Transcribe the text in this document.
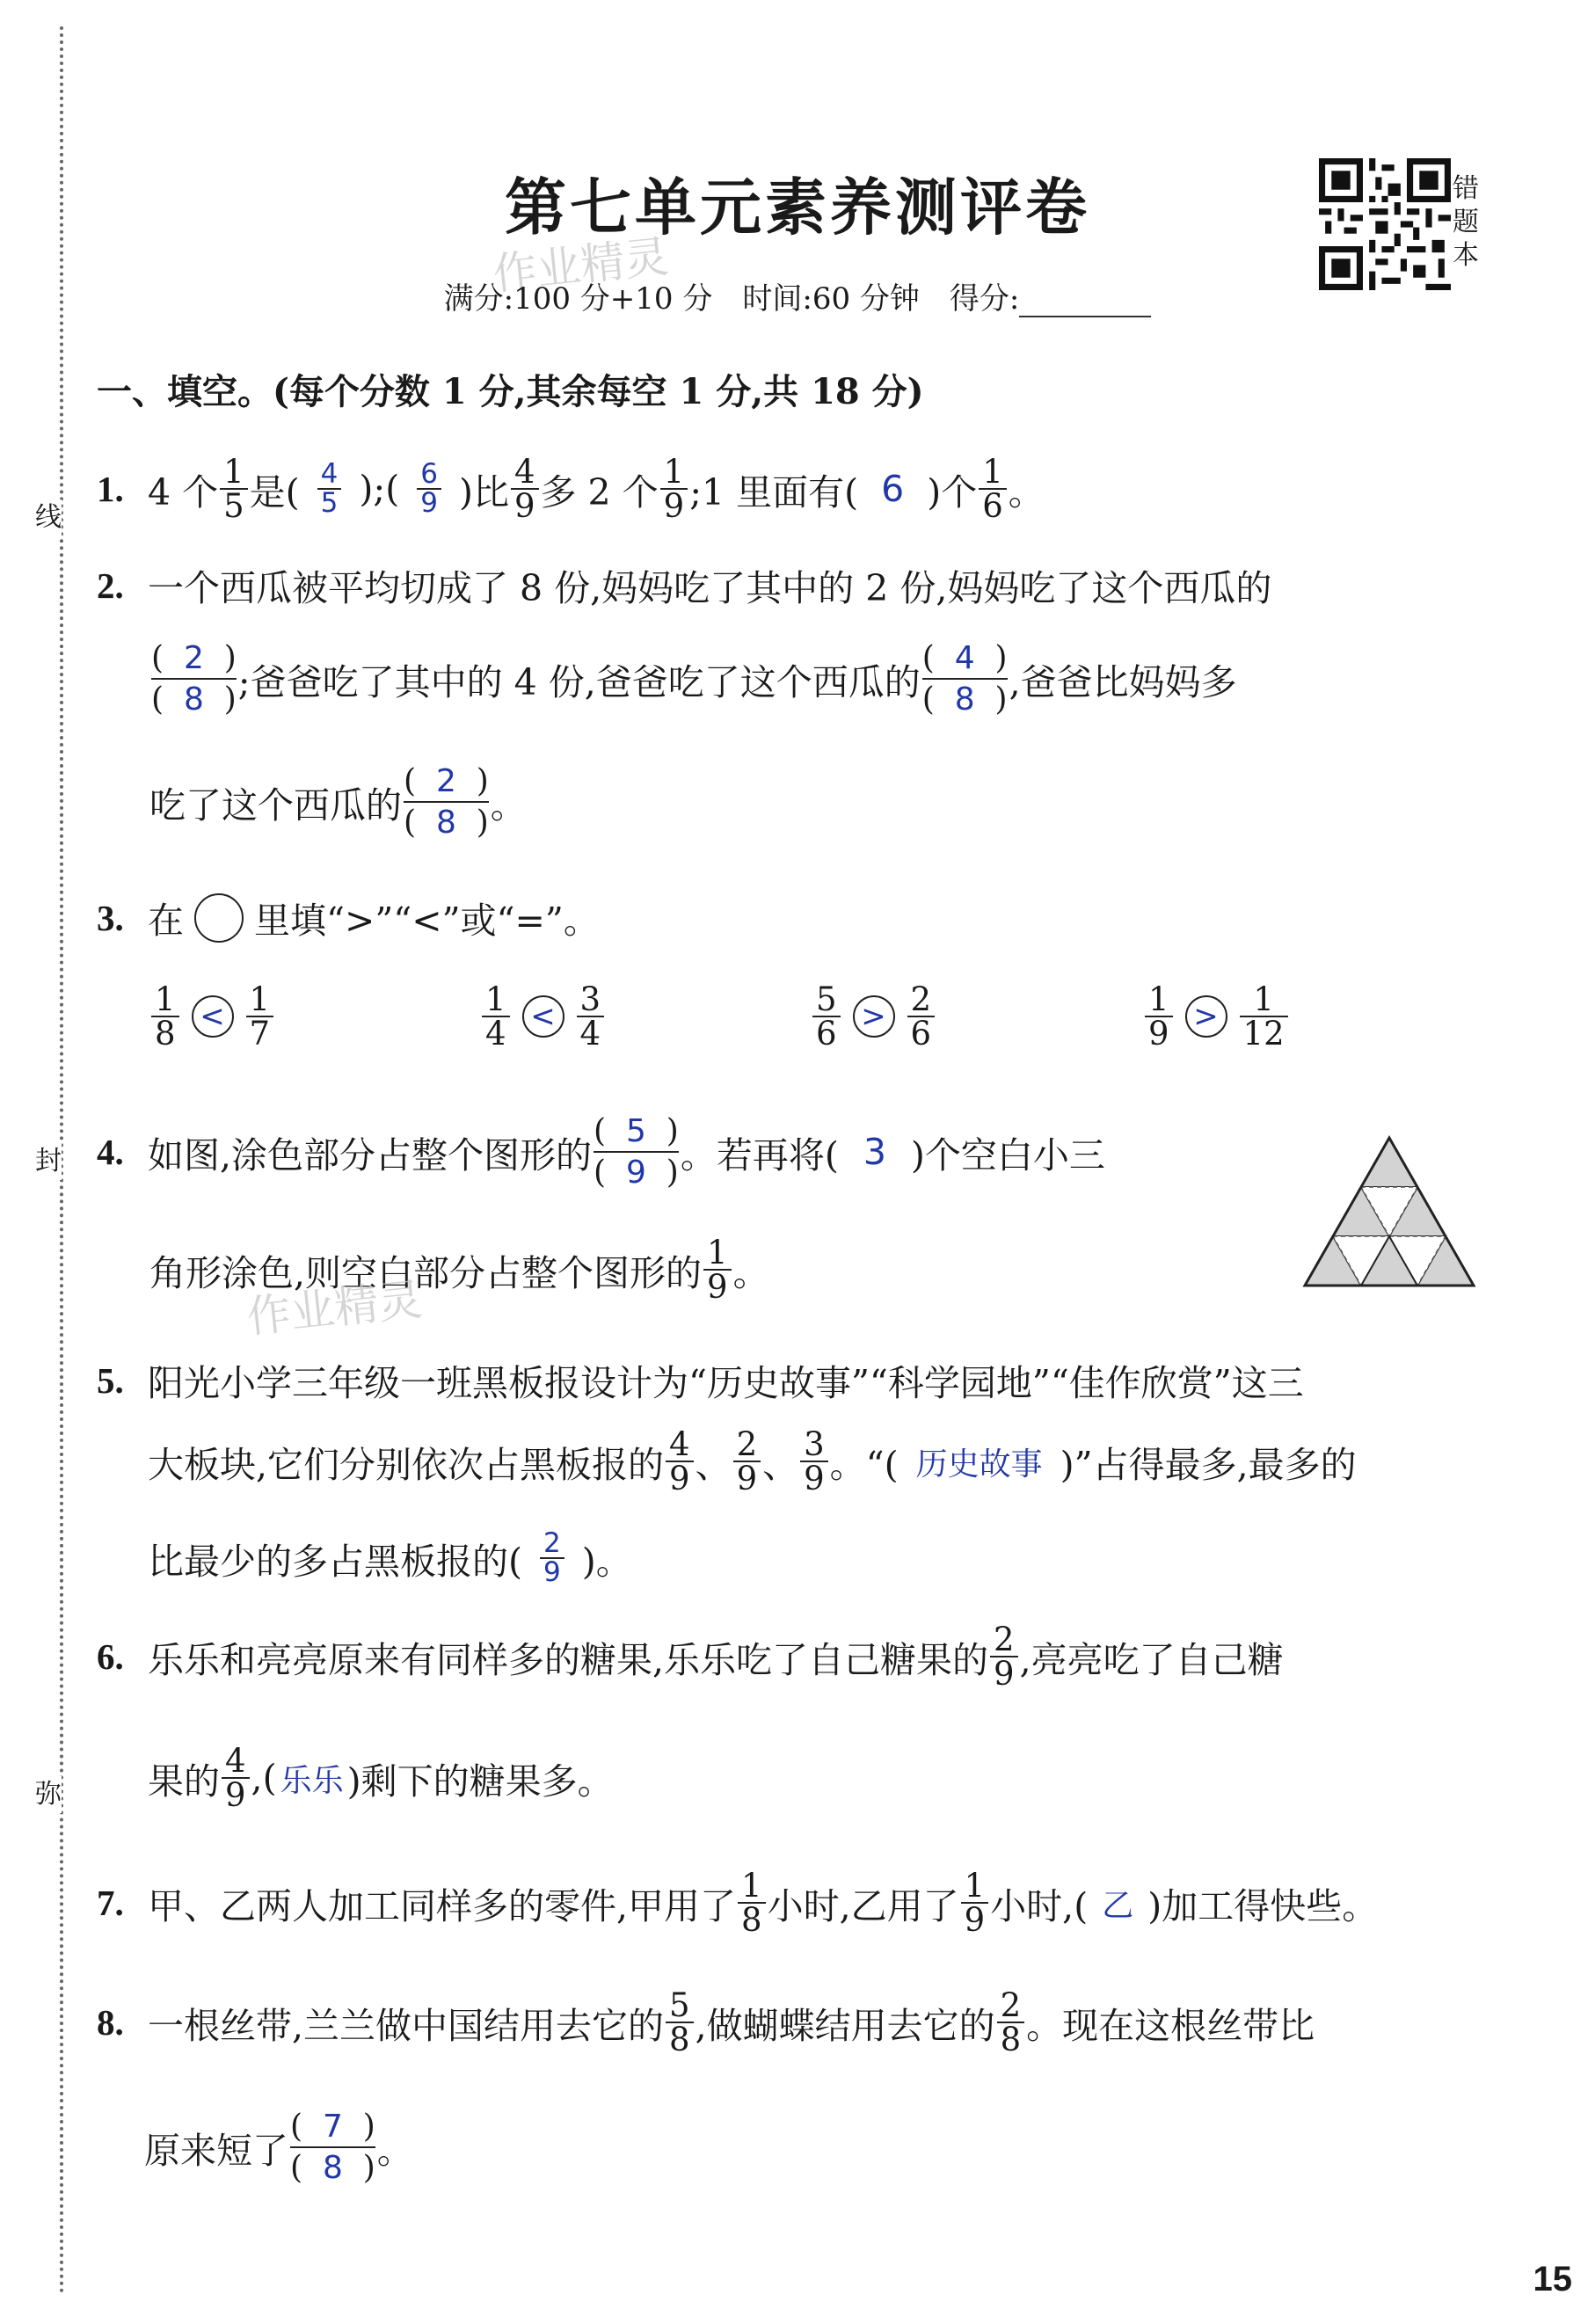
线
封
弥
第七单元素养测评卷
作业精灵
满分:100 分+10 分　时间:60 分钟　得分:
错题本
一、填空。(每个分数 1 分,其余每空 1 分,共 18 分)
1. 4 个 $\frac{1}{5}$ 是( $\frac{4}{5}$ );( $\frac{6}{9}$ )比 $\frac{4}{9}$ 多 2 个 $\frac{1}{9}$ ;1 里面有( 6 )个 $\frac{1}{6}$ 。
2. 一个西瓜被平均切成了 8 份,妈妈吃了其中的 2 份,妈妈吃了这个西瓜的
$\frac{( 2 )}{( 8 )}$ ;爸爸吃了其中的 4 份,爸爸吃了这个西瓜的 $\frac{( 4 )}{( 8 )}$ ,爸爸比妈妈多
吃了这个西瓜的 $\frac{( 2 )}{( 8 )}$ 。
3. 在 里填“>”“<”或“=”。
$\frac{1}{8} < \frac{1}{7}$	$\frac{1}{4} < \frac{3}{4}$	$\frac{5}{6} > \frac{2}{6}$	$\frac{1}{9} > \frac{1}{12}$
4. 如图,涂色部分占整个图形的 $\frac{( 5 )}{( 9 )}$ 。若再将( 3 )个空白小三
角形涂色,则空白部分占整个图形的 $\frac{1}{9}$ 。
作业精灵
5. 阳光小学三年级一班黑板报设计为“历史故事”“科学园地”“佳作欣赏”这三
大板块,它们分别依次占黑板报的 $\frac{4}{9}$ 、 $\frac{2}{9}$ 、 $\frac{3}{9}$ 。“( 历史故事 )”占得最多,最多的
比最少的多占黑板报的( $\frac{2}{9}$ )。
6. 乐乐和亮亮原来有同样多的糖果,乐乐吃了自己糖果的 $\frac{2}{9}$ ,亮亮吃了自己糖
果的 $\frac{4}{9}$ ,( 乐乐 )剩下的糖果多。
7. 甲、乙两人加工同样多的零件,甲用了 $\frac{1}{8}$ 小时,乙用了 $\frac{1}{9}$ 小时,( 乙 )加工得快些。
8. 一根丝带,兰兰做中国结用去它的 $\frac{5}{8}$ ,做蝴蝶结用去它的 $\frac{2}{8}$ 。现在这根丝带比
原来短了 $\frac{( 7 )}{( 8 )}$ 。
15
